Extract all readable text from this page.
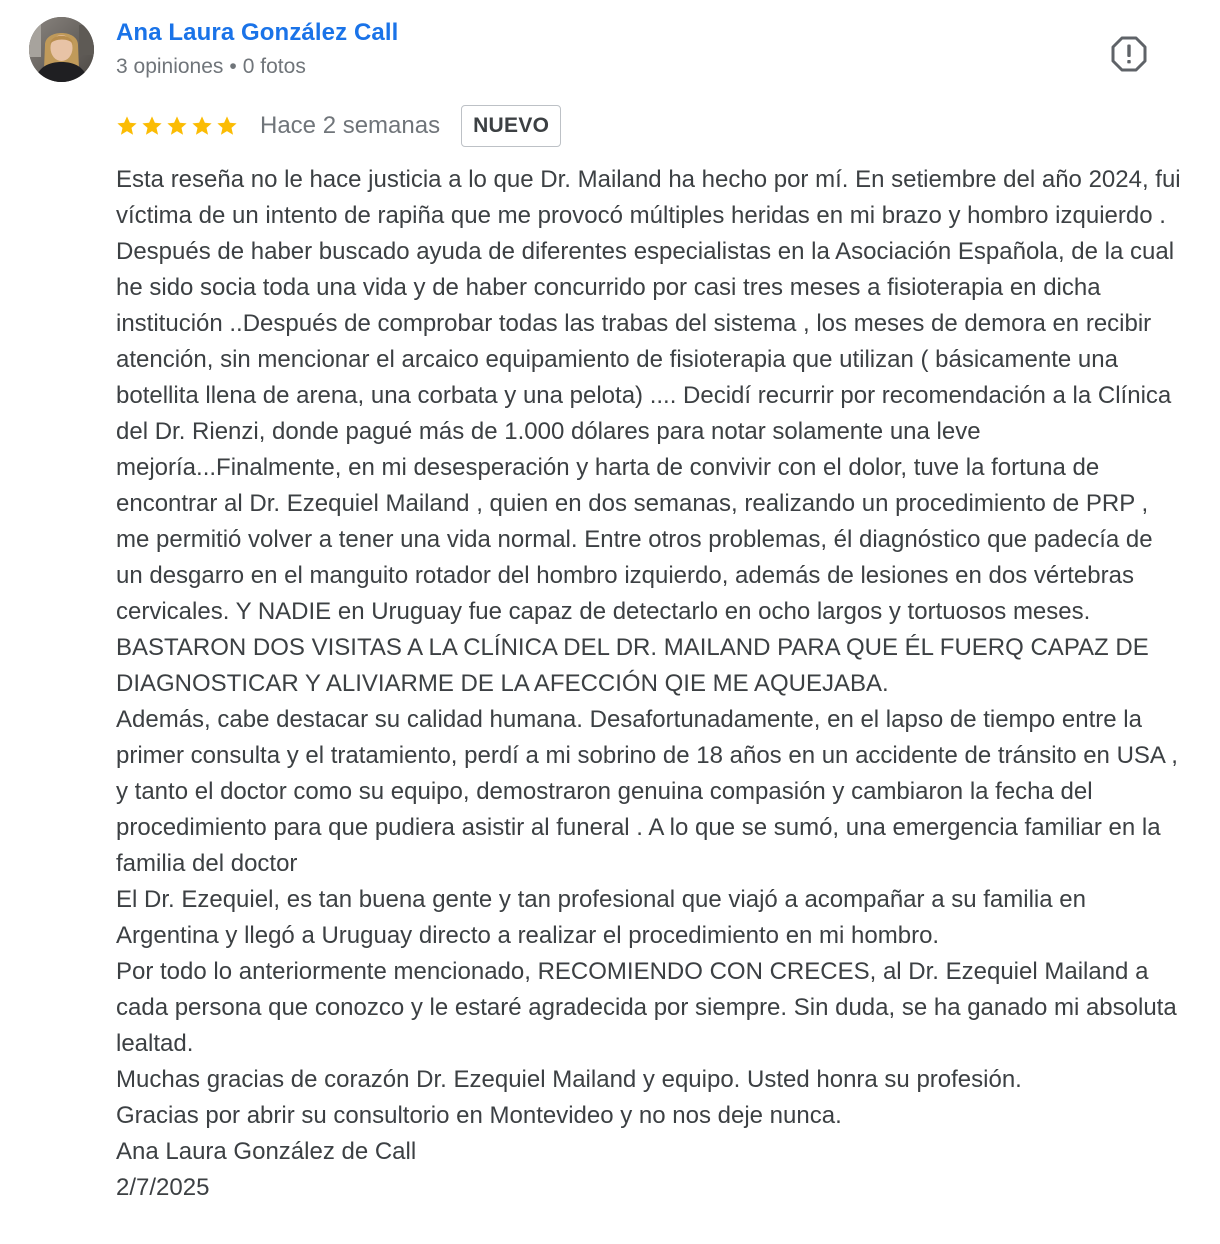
Ana Laura González Call
3 opiniones • 0 fotos
Hace 2 semanas	NUEVO

Esta reseña no le hace justicia a lo que Dr. Mailand ha hecho por mí. En setiembre del año 2024, fui víctima de un intento de rapiña que me provocó múltiples heridas en mi brazo y hombro izquierdo . Después de haber buscado ayuda de diferentes especialistas en la Asociación Española, de la cual he sido socia toda una vida y de haber concurrido por casi tres meses a fisioterapia en dicha institución ..Después de comprobar todas las trabas del sistema , los meses de demora en recibir atención, sin mencionar el arcaico equipamiento de fisioterapia que utilizan ( básicamente una botellita llena de arena, una corbata y una pelota) .... Decidí recurrir por recomendación a la Clínica del Dr. Rienzi, donde pagué más de 1.000 dólares para notar solamente una leve mejoría...Finalmente, en mi desesperación y harta de convivir con el dolor, tuve la fortuna de encontrar al Dr. Ezequiel Mailand , quien en dos semanas, realizando un procedimiento de PRP , me permitió volver a tener una vida normal. Entre otros problemas, él diagnóstico que padecía de un desgarro en el manguito rotador del hombro izquierdo, además de lesiones en dos vértebras cervicales. Y NADIE en Uruguay fue capaz de detectarlo en ocho largos y tortuosos meses. BASTARON DOS VISITAS A LA CLÍNICA DEL DR. MAILAND PARA QUE ÉL FUERQ CAPAZ DE DIAGNOSTICAR Y ALIVIARME DE LA AFECCIÓN QIE ME AQUEJABA.

Además, cabe destacar su calidad humana. Desafortunadamente, en el lapso de tiempo entre la primer consulta y el tratamiento, perdí a mi sobrino de 18 años en un accidente de tránsito en USA , y tanto el doctor como su equipo, demostraron genuina compasión y cambiaron la fecha del procedimiento para que pudiera asistir al funeral . A lo que se sumó, una emergencia familiar en la familia del doctor

El Dr. Ezequiel, es tan buena gente y tan profesional que viajó a acompañar a su familia en Argentina y llegó a Uruguay directo a realizar el procedimiento en mi hombro.

Por todo lo anteriormente mencionado, RECOMIENDO CON CRECES, al Dr. Ezequiel Mailand a cada persona que conozco y le estaré agradecida por siempre. Sin duda, se ha ganado mi absoluta lealtad.

Muchas gracias de corazón Dr. Ezequiel Mailand y equipo. Usted honra su profesión.

Gracias por abrir su consultorio en Montevideo y no nos deje nunca.

Ana Laura González de Call

2/7/2025
